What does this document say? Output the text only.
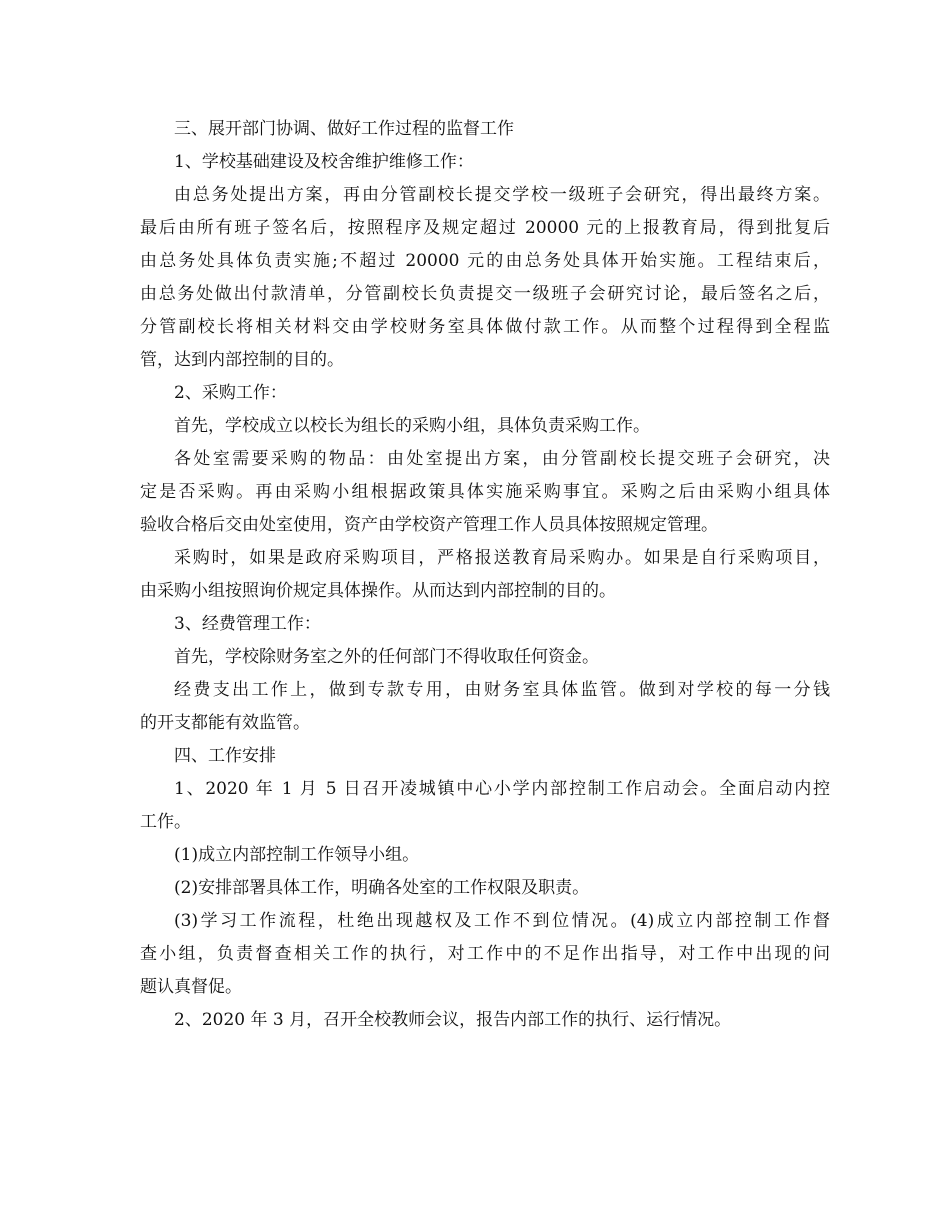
三、展开部门协调、做好工作过程的监督工作
1、学校基础建设及校舍维护维修工作：
由总务处提出方案，再由分管副校长提交学校一级班子会研究，得出最终方案。
最后由所有班子签名后，按照程序及规定超过 20000 元的上报教育局，得到批复后
由总务处具体负责实施;不超过 20000 元的由总务处具体开始实施。工程结束后，
由总务处做出付款清单，分管副校长负责提交一级班子会研究讨论，最后签名之后，
分管副校长将相关材料交由学校财务室具体做付款工作。从而整个过程得到全程监
管，达到内部控制的目的。
2、采购工作：
首先，学校成立以校长为组长的采购小组，具体负责采购工作。
各处室需要采购的物品：由处室提出方案，由分管副校长提交班子会研究，决
定是否采购。再由采购小组根据政策具体实施采购事宜。采购之后由采购小组具体
验收合格后交由处室使用，资产由学校资产管理工作人员具体按照规定管理。
采购时，如果是政府采购项目，严格报送教育局采购办。如果是自行采购项目，
由采购小组按照询价规定具体操作。从而达到内部控制的目的。
3、经费管理工作：
首先，学校除财务室之外的任何部门不得收取任何资金。
经费支出工作上，做到专款专用，由财务室具体监管。做到对学校的每一分钱
的开支都能有效监管。
四、工作安排
1、2020 年 1 月 5 日召开凌城镇中心小学内部控制工作启动会。全面启动内控
工作。
(1)成立内部控制工作领导小组。
(2)安排部署具体工作，明确各处室的工作权限及职责。
(3)学习工作流程，杜绝出现越权及工作不到位情况。(4)成立内部控制工作督
查小组，负责督查相关工作的执行，对工作中的不足作出指导，对工作中出现的问
题认真督促。
2、2020 年 3 月，召开全校教师会议，报告内部工作的执行、运行情况。
